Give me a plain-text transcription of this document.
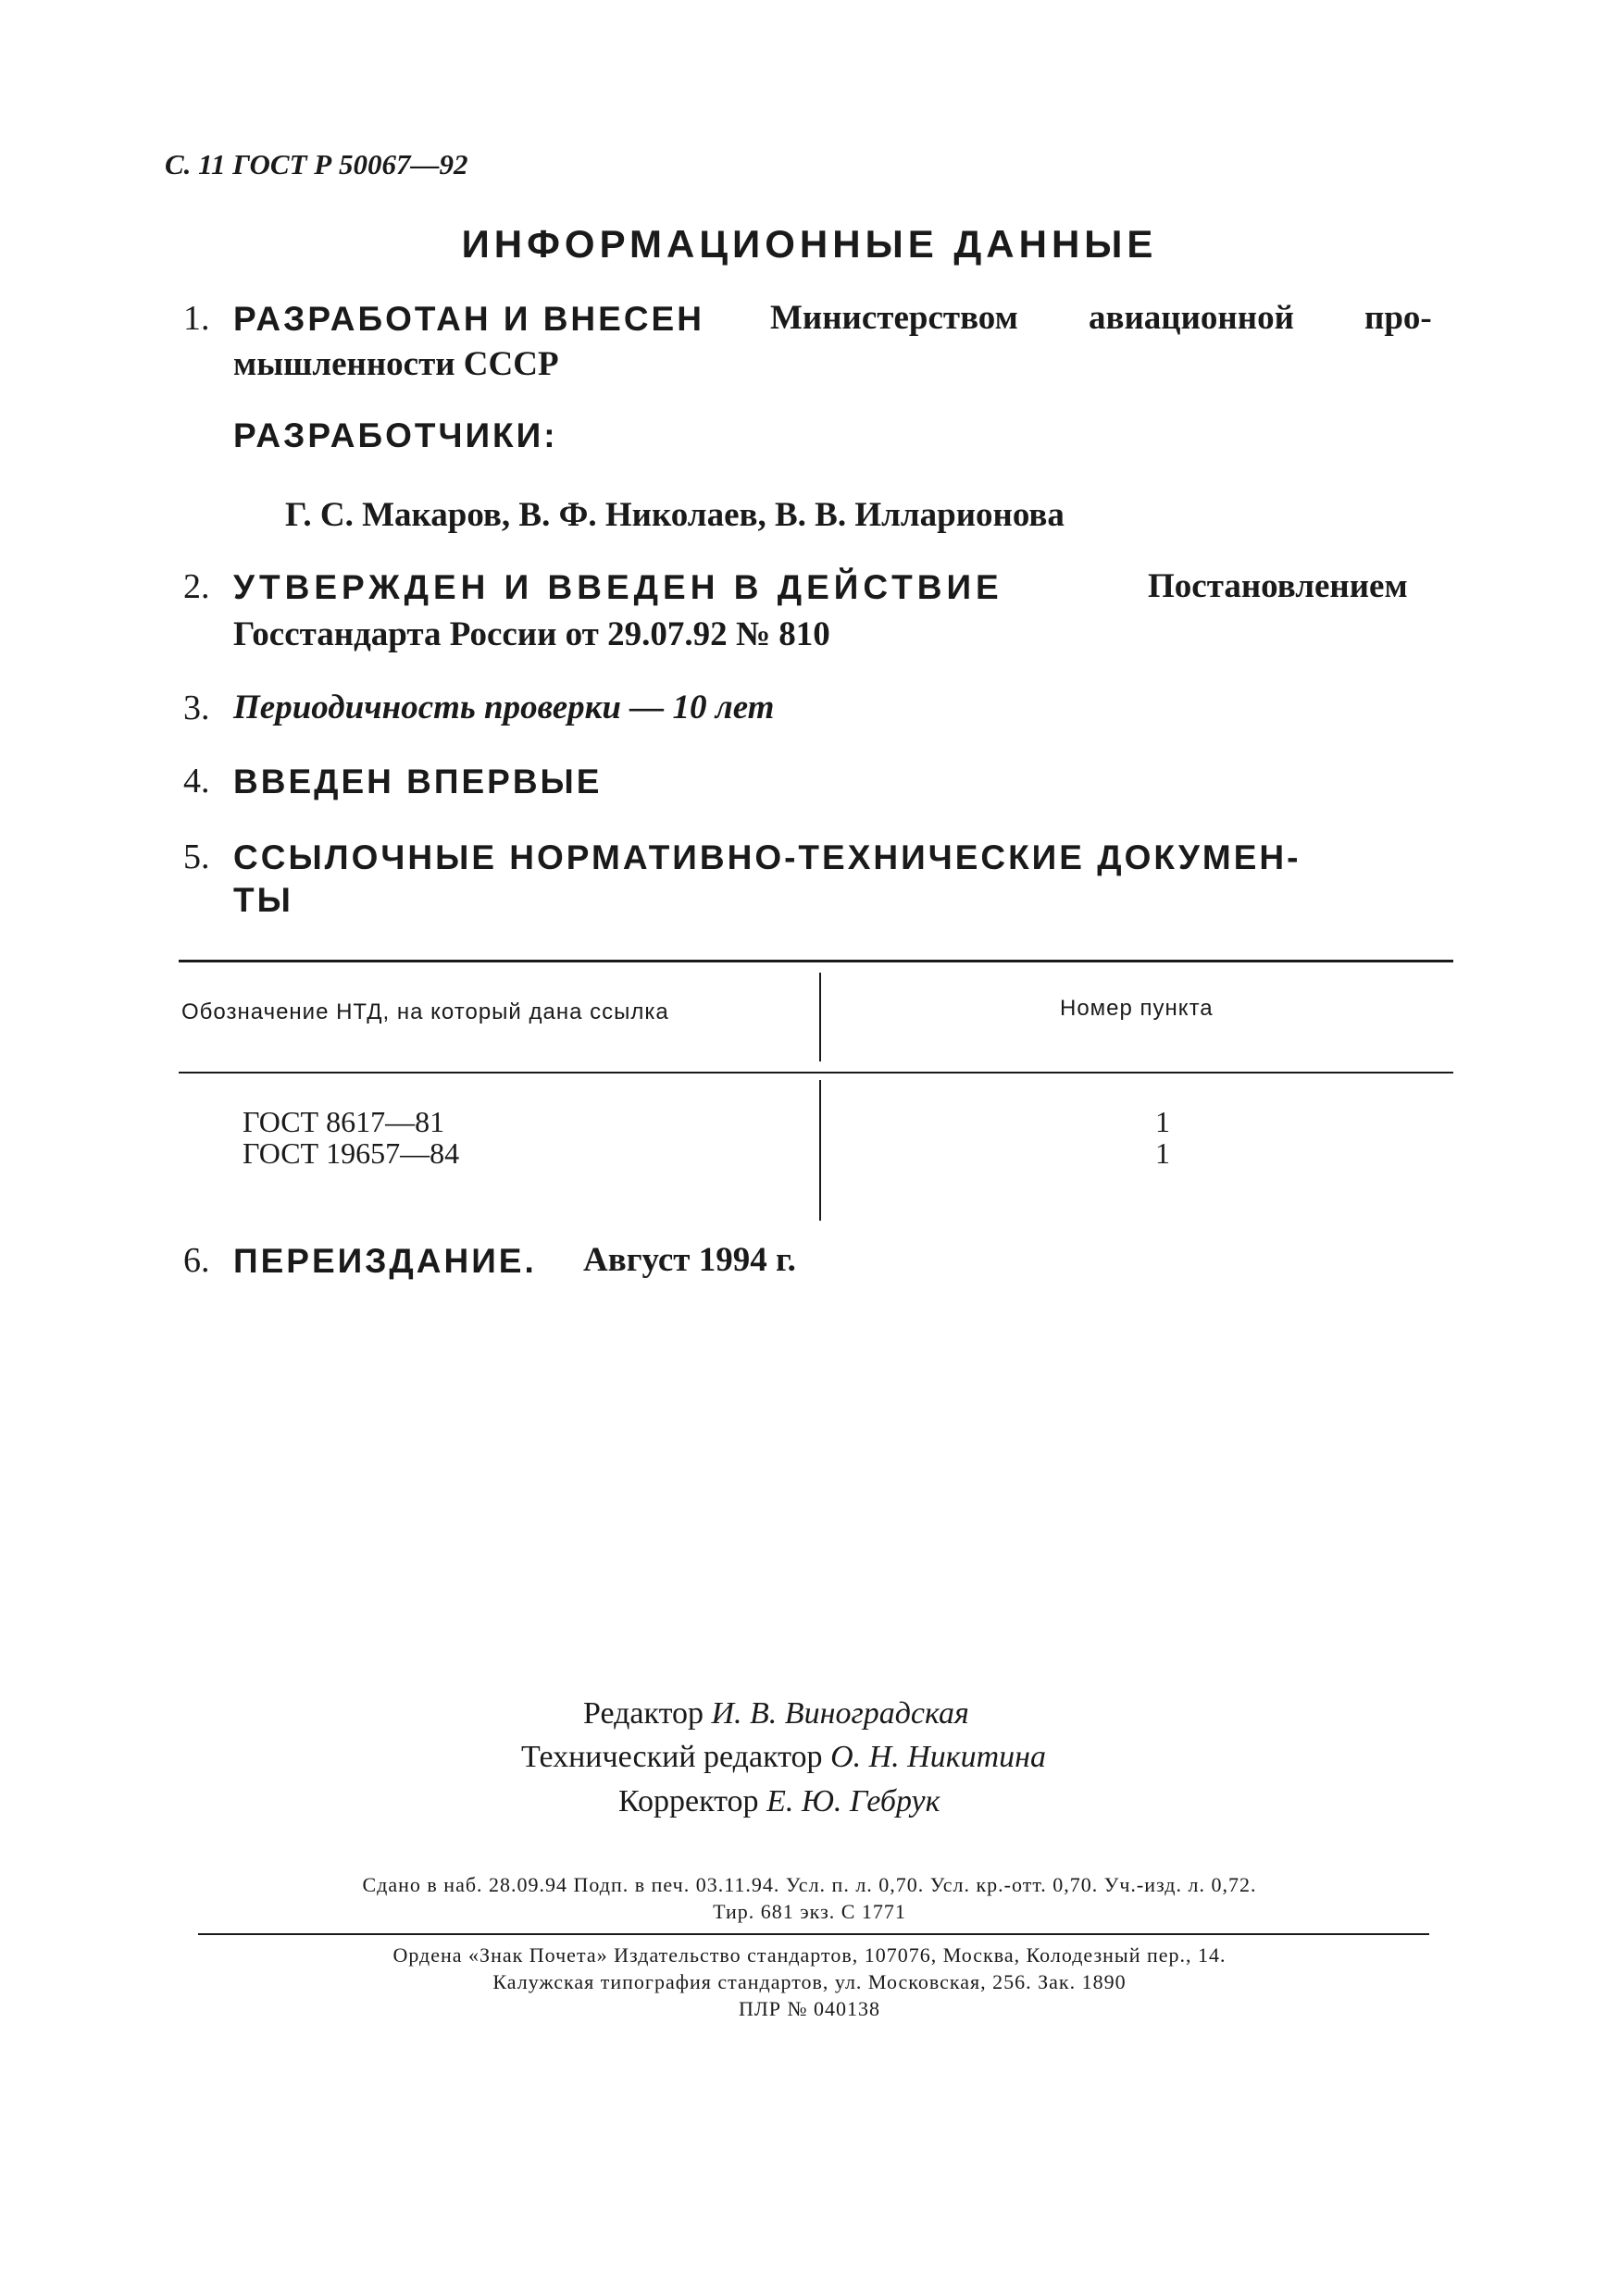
С. 11 ГОСТ Р 50067—92
ИНФОРМАЦИОННЫЕ ДАННЫЕ
1. РАЗРАБОТАН И ВНЕСЕН Министерством авиационной про-
мышленности СССР
РАЗРАБОТЧИКИ:
Г. С. Макаров, В. Ф. Николаев, В. В. Илларионова
2. УТВЕРЖДЕН И ВВЕДЕН В ДЕЙСТВИЕ	Постановлением
Госстандарта России от 29.07.92 № 810
3. Периодичность проверки — 10 лет
4. ВВЕДЕН ВПЕРВЫЕ
5. ССЫЛОЧНЫЕ НОРМАТИВНО-ТЕХНИЧЕСКИЕ ДОКУМЕН-
ТЫ
Обозначение НТД, на который дана ссылка	Номер пункта
ГОСТ 8617—81	1
ГОСТ 19657—84	1
6. ПЕРЕИЗДАНИЕ. Август 1994 г.
Редактор И. В. Виноградская
Технический редактор О. Н. Никитина
Корректор Е. Ю. Гебрук
Сдано в наб. 28.09.94 Подп. в печ. 03.11.94. Усл. п. л. 0,70. Усл. кр.-отт. 0,70. Уч.-изд. л. 0,72.
Тир. 681 экз. С 1771
Ордена «Знак Почета» Издательство стандартов, 107076, Москва, Колодезный пер., 14.
Калужская типография стандартов, ул. Московская, 256. Зак. 1890
ПЛР № 040138
